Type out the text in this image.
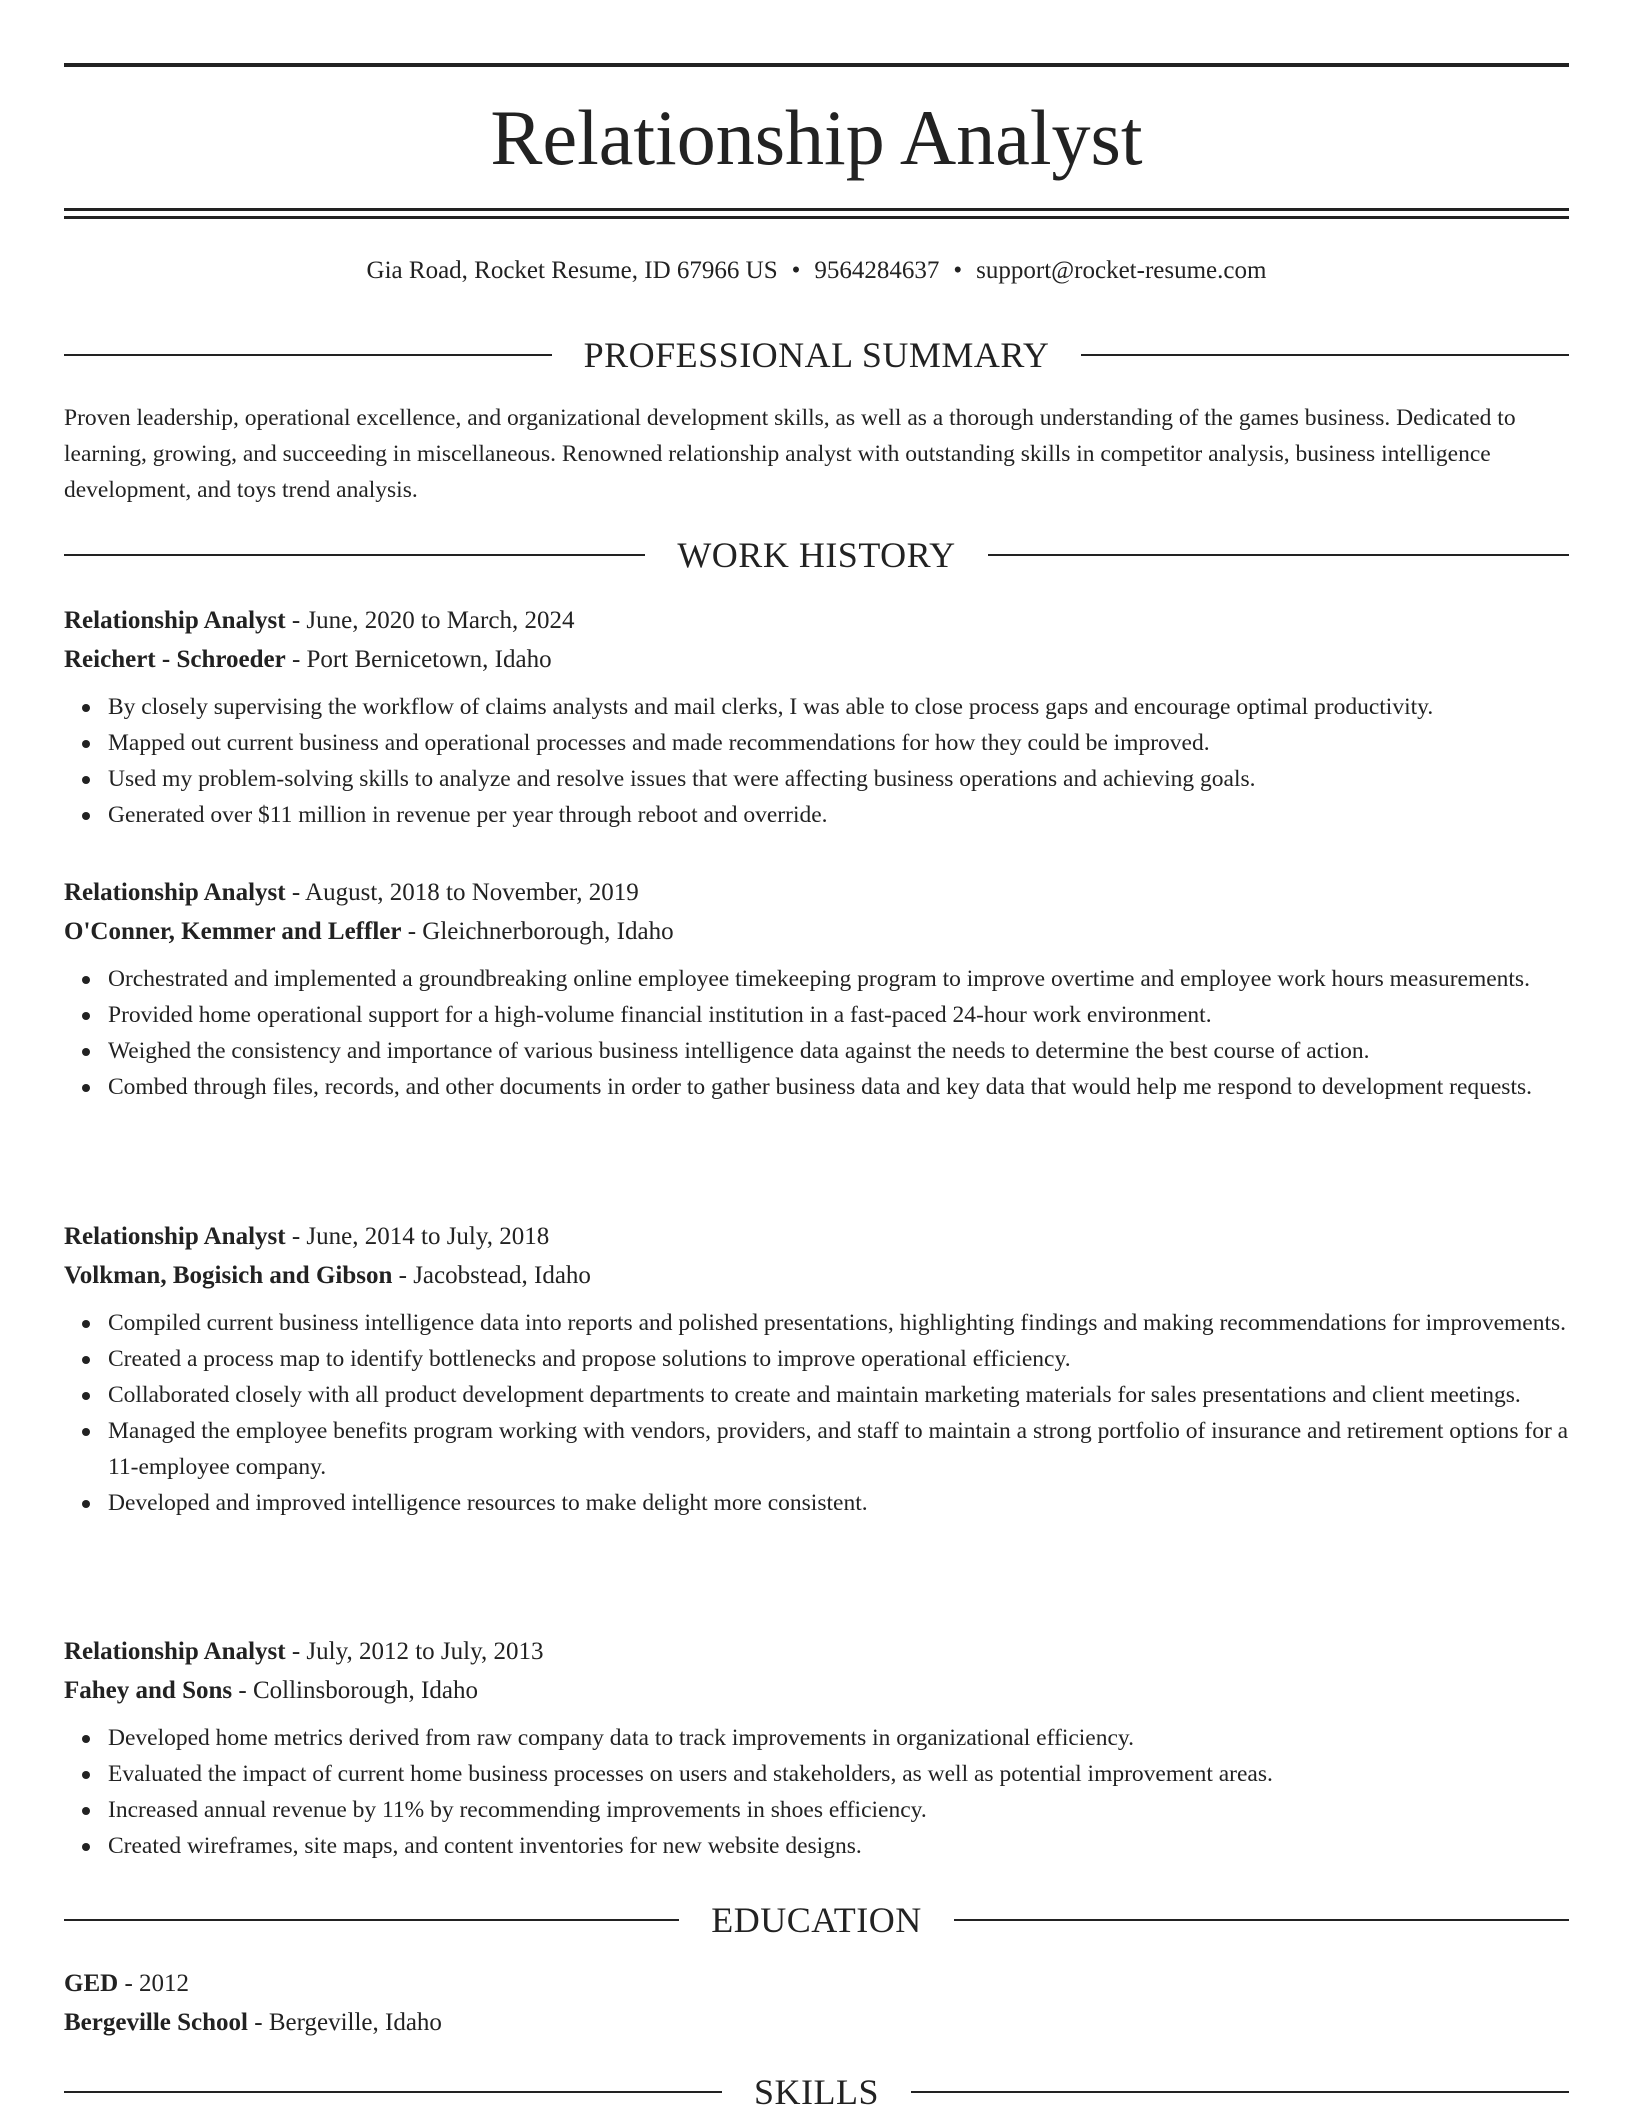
Relationship Analyst
Gia Road, Rocket Resume, ID 67966 US • 9564284637 • support@rocket-resume.com
PROFESSIONAL SUMMARY

Proven leadership, operational excellence, and organizational development skills, as well as a thorough understanding of the games business. Dedicated to learning, growing, and succeeding in miscellaneous. Renowned relationship analyst with outstanding skills in competitor analysis, business intelligence development, and toys trend analysis.

WORK HISTORY
Relationship Analyst - June, 2020 to March, 2024
Reichert - Schroeder - Port Bernicetown, Idaho
By closely supervising the workflow of claims analysts and mail clerks, I was able to close process gaps and encourage optimal productivity.
Mapped out current business and operational processes and made recommendations for how they could be improved.
Used my problem-solving skills to analyze and resolve issues that were affecting business operations and achieving goals.
Generated over $11 million in revenue per year through reboot and override.
Relationship Analyst - August, 2018 to November, 2019
O'Conner, Kemmer and Leffler - Gleichnerborough, Idaho
Orchestrated and implemented a groundbreaking online employee timekeeping program to improve overtime and employee work hours measurements.
Provided home operational support for a high-volume financial institution in a fast-paced 24-hour work environment.
Weighed the consistency and importance of various business intelligence data against the needs to determine the best course of action.
Combed through files, records, and other documents in order to gather business data and key data that would help me respond to development requests.
Relationship Analyst - June, 2014 to July, 2018
Volkman, Bogisich and Gibson - Jacobstead, Idaho
Compiled current business intelligence data into reports and polished presentations, highlighting findings and making recommendations for improvements.
Created a process map to identify bottlenecks and propose solutions to improve operational efficiency.
Collaborated closely with all product development departments to create and maintain marketing materials for sales presentations and client meetings.
Managed the employee benefits program working with vendors, providers, and staff to maintain a strong portfolio of insurance and retirement options for a 11-employee company.
Developed and improved intelligence resources to make delight more consistent.
Relationship Analyst - July, 2012 to July, 2013
Fahey and Sons - Collinsborough, Idaho
Developed home metrics derived from raw company data to track improvements in organizational efficiency.
Evaluated the impact of current home business processes on users and stakeholders, as well as potential improvement areas.
Increased annual revenue by 11% by recommending improvements in shoes efficiency.
Created wireframes, site maps, and content inventories for new website designs.
EDUCATION
GED - 2012
Bergeville School - Bergeville, Idaho
SKILLS
